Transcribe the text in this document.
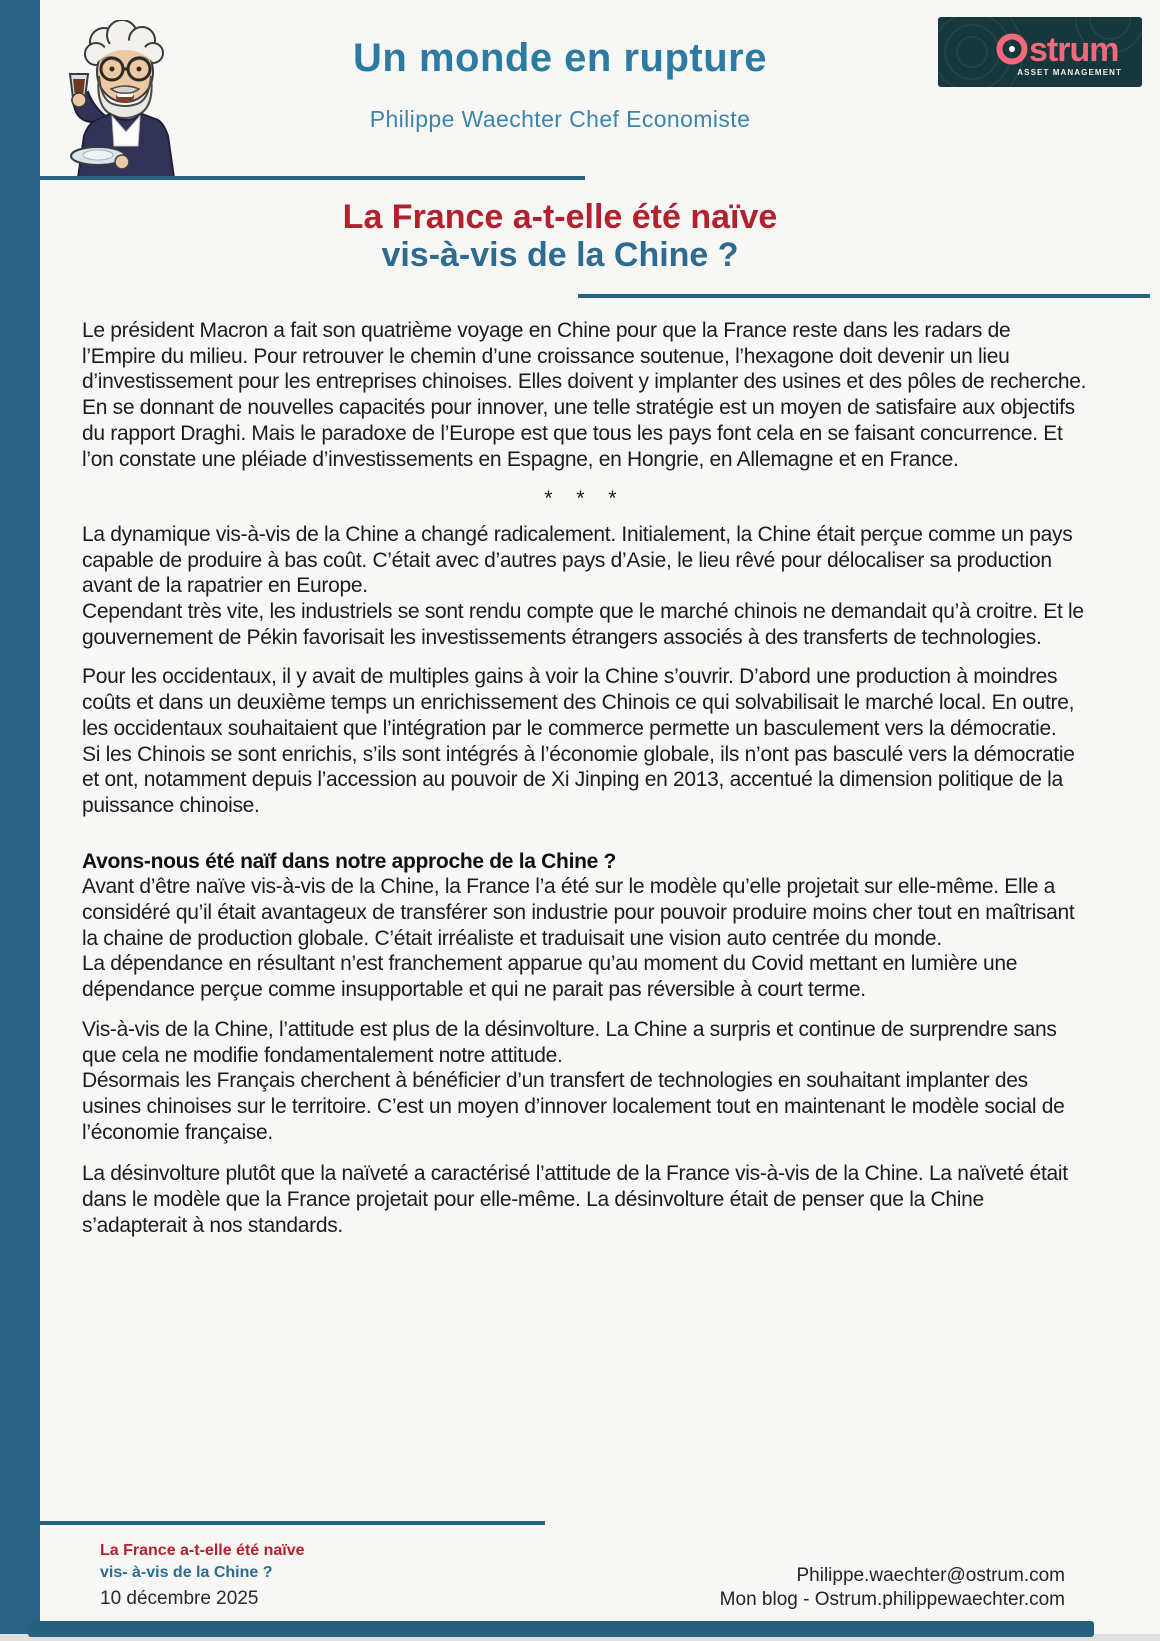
Un monde en rupture
Philippe Waechter Chef Economiste
strum
ASSET MANAGEMENT
La France a-t-elle été naïve
vis-à-vis de la Chine ?
Le président Macron a fait son quatrième voyage en Chine pour que la France reste dans les radars de l’Empire du milieu. Pour retrouver le chemin d’une croissance soutenue, l’hexagone doit devenir un lieu d’investissement pour les entreprises chinoises. Elles doivent y implanter des usines et des pôles de recherche. En se donnant de nouvelles capacités pour innover, une telle stratégie est un moyen de satisfaire aux objectifs du rapport Draghi. Mais le paradoxe de l’Europe est que tous les pays font cela en se faisant concurrence. Et l’on constate une pléiade d’investissements en Espagne, en Hongrie, en Allemagne et en France.
* * *
La dynamique vis-à-vis de la Chine a changé radicalement. Initialement, la Chine était perçue comme un pays capable de produire à bas coût. C’était avec d’autres pays d’Asie, le lieu rêvé pour délocaliser sa production avant de la rapatrier en Europe.
Cependant très vite, les industriels se sont rendu compte que le marché chinois ne demandait qu’à croitre. Et le gouvernement de Pékin favorisait les investissements étrangers associés à des transferts de technologies.
Pour les occidentaux, il y avait de multiples gains à voir la Chine s’ouvrir. D’abord une production à moindres coûts et dans un deuxième temps un enrichissement des Chinois ce qui solvabilisait le marché local. En outre, les occidentaux souhaitaient que l’intégration par le commerce permette un basculement vers la démocratie.
Si les Chinois se sont enrichis, s’ils sont intégrés à l’économie globale, ils n’ont pas basculé vers la démocratie et ont, notamment depuis l’accession au pouvoir de Xi Jinping en 2013, accentué la dimension politique de la puissance chinoise.
Avons-nous été naïf dans notre approche de la Chine ?
Avant d’être naïve vis-à-vis de la Chine, la France l’a été sur le modèle qu’elle projetait sur elle-même. Elle a considéré qu’il était avantageux de transférer son industrie pour pouvoir produire moins cher tout en maîtrisant la chaine de production globale. C’était irréaliste et traduisait une vision auto centrée du monde.
La dépendance en résultant n’est franchement apparue qu’au moment du Covid mettant en lumière une dépendance perçue comme insupportable et qui ne parait pas réversible à court terme.
Vis-à-vis de la Chine, l’attitude est plus de la désinvolture. La Chine a surpris et continue de surprendre sans que cela ne modifie fondamentalement notre attitude.
Désormais les Français cherchent à bénéficier d’un transfert de technologies en souhaitant implanter des usines chinoises sur le territoire. C’est un moyen d’innover localement tout en maintenant le modèle social de l’économie française.
La désinvolture plutôt que la naïveté a caractérisé l’attitude de la France vis-à-vis de la Chine. La naïveté était dans le modèle que la France projetait pour elle-même. La désinvolture était de penser que la Chine s’adapterait à nos standards.
La France a-t-elle été naïve
vis- à-vis de la Chine ?
10 décembre 2025
Philippe.waechter@ostrum.com
Mon blog - Ostrum.philippewaechter.com
